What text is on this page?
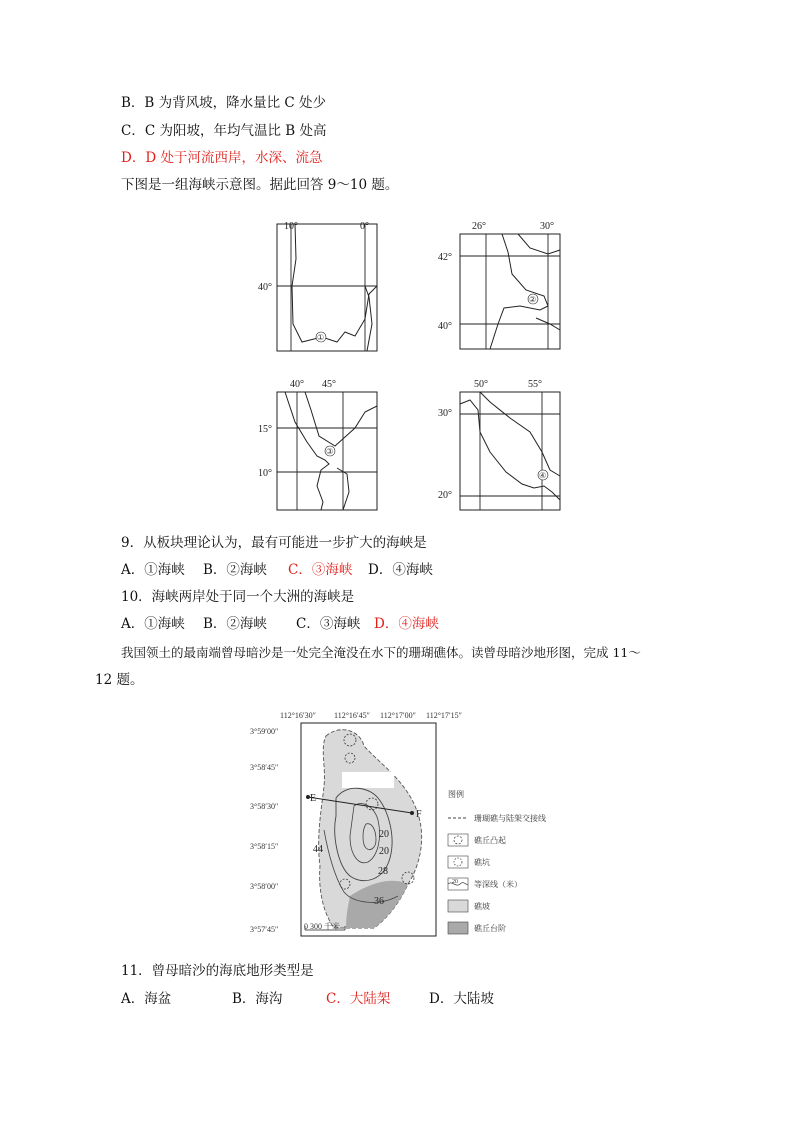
B．B 为背风坡，降水量比 C 处少
C．C 为阳坡，年均气温比 B 处高
D．D 处于河流西岸，水深、流急
下图是一组海峡示意图。据此回答 9～10 题。
10°	0°
40°
①
26°	30°
42°
40°
②
40° 45°
15°
10°
③
50°	55°
30°
20°
④
9．从板块理论认为，最有可能进一步扩大的海峡是
A．①海峡 B．②海峡 C．③海峡 D．④海峡
10．海峡两岸处于同一个大洲的海峡是
A．①海峡 B．②海峡 C．③海峡 D．④海峡
我国领土的最南端曾母暗沙是一处完全淹没在水下的珊瑚礁体。读曾母暗沙地形图，完成 11～
12 题。
112°16′30″ 112°16′45″ 112°17′00″ 112°17′15″
3°59′00″
3°58′45″
3°58′30″
3°58′15″
3°58′00″
3°57′45″
20
28
44
36
20
E
F
0 300 千米
图例
珊瑚礁与陆架交接线
礁丘凸起
礁坑
20 等深线（米）
礁坡
礁丘台阶
11．曾母暗沙的海底地形类型是
A．海盆	B．海沟	C．大陆架	D．大陆坡
